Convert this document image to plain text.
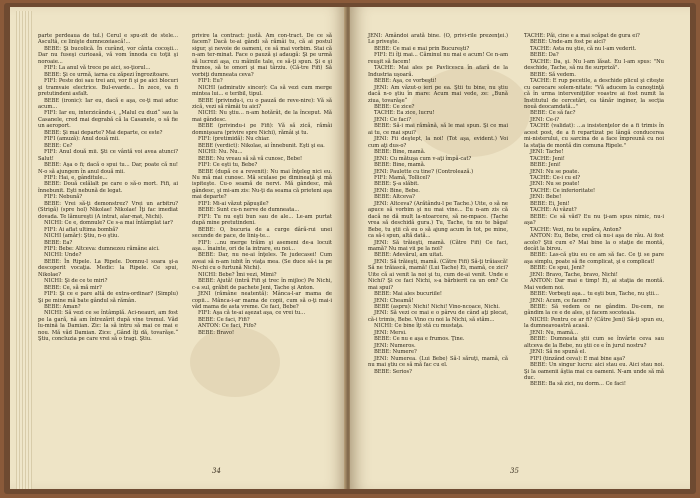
parte perdeaua de tul.) Cerul e spu-zit de stele... Ascultă, ce linişte dumnezeiască!...

BEBE: Şi bucolică. În curând, vor cânta cocoşii... Dar nu fuseşi curioasă, vă vom înnoda cu toţii şi noroaie...

FIFI: La anul vă trece pe aici, so-ţiorul...

BEBE: Şi ce urmă, iarna cu zăpezi îngrozitoare.

FIFI: Peste doi sau trei ani, vor fi şi pe aici blocuri şi tramvaie electrice. Bul-evarde... În zece, va fi pretutindeni asfalt.

BEBE (ironic): Iar eu, dacă e aşa, ce-ţi mai aduc acum...

FIFI: Iar eu, interzicându-i, „Malul cu duzi“ sau la Casanele, cred mai degrabă că la Casanele, o să fie un aeroport.

BEBE: Şi mai departe? Mai departe, ce este?

FIFI (amuză): Anul două mii.

BEBE: Ce?

FIFI: Anul două mii. Şti ce vântă voi avea atunci? Salut!

BEBE: Aşa o fi; dacă o spui tu... Dar, poate că nu! N-o să ajungem în anul două mii.

FIFI: Hai, e, gânditule...

BEBE: Două celălalt pe care o să-o mort. Fifi, ai înnebunit. Eşti nebună de legat.

FIFI: Nebună?

BEBE: Vrei să-ţi demonstrez? Vrei un arbitru? (Strigă) (spre hol) Nikolae! Nikolae! Îţi fac imediat dovada. Te lămureşti (A intrat, alar-mat, Nichi).

NICHI: Ce e, domnule? Ce s-a mai întâmplat iar?

FIFI: Ai aflat ultima bombă?

NICHI (amăr): Ştiu, n-o ştiu.

BEBE: Ea?

FIFI: Bebe: Altceva: dumnezeu rămâne aici.

NICHI: Unde?

BEBE: În Ripele. La Ripele. Domnu-l soara şi-a descoperit vocaţia. Medic: la Ripele. Ce spui, Nikolae?

NICHI: Şi de ce te miri?

BEBE: Ce, să mă mir?

FIFI: Şi ce e pare altă de extra-ordinar? (Simplu) Şi pe mine mă bate gândul să rămân.

BEBE: Aman?

NICHI: Să vezi ce se întâmplă. Aci-neauri, am fost pe la gară, nă am întrezărit după vine tremul. Văd lu-mină la Damian. Zic: la să intru să mai ce mai e nou. Mă văd Damian. Zice: „Gând îţi dă, tovarăşe.“ Ştiu, concluzia pe care vrei să o tragi. Ştiu.

privire la contract: justă. Am con-tract. De ce să facem? Dacă te-ai gândi să rămâi tu, că ai postul sigur, şi nevoie de oameni, ce să mai vorbim. Stai că n-am ter-minat. Face o pauză şi adaugă: Şi pe urmă să lucrezi aşa, cu mâinile tale, ce să-ţi spun. Şi e şi frumos, să te omori şi mai târziu. (Că-tre Fifi) Să vorbiţi dumneata ceva?

FIFI: Eu?

NICHI (admirativ sincer): Ca să vezi cum merge mintea lui... e teribil, tipul.

BEBE (privindu-i, cu o pauză de reve-nire): Vă să zică, vezi să rămâi tu aici?

NICHI: Nu ştiu... n-am hotărât, de la început. Mă mai gândesc.

BEBE (privindu-i pe Fifi): Vă să zică, rămâi domnişoara (privire spre Nichi), rămâi şi tu.

FIFI: (pretimidă): Nu chiar.

BEBE (verdict): Nikolae, ai înnebunit. Eşti şi ea.

NICHI: Nu. Nu...

BEBE: Nu vreau să să vă cunosc, Bebe!

FIFI: Ce eşti tu, Bebe?

BEBE (după ce a revenit): Nu mai înţeleg nici eu. Nu mă mai cunosc. Mă sculase pe dimineaţă şi mă ispiteşte. Cu-o seamă de nervi. Mă gândesc, mă gândesc, şi mi-am zis: Nu-ţi da seama că prieteni aşa mai departe?

FIFI: Mi-ai văzut păpuşile?

BEBE: Sunt cu-n nerve de dumneata...

FIFI: Tu nu eşti bun sau de ale... Le-am purtat după mine pretutindeni.

BEBE: O, bucuria de a curge dâră-rui unei secunde de pace, de liniş-te...

FIFI: ...nu merge trăim şi asemeni de-a locuit aşa... înainte, ori de la intrare, eu noi...

BEBE: Dar, nu ne-ai înţeles. Te judecasei! Cum aveai să n-am iubit în viaţa mea. (Se duce să-i ia pe Ni-chi cu o furtună Nichi).

NICHI: Bebe? Îmi vezi, Mimi?

BEBE: Ajută! (intră Fifi şi trec în mijloc) Pe Nichi, c-a sul, grăbit de pachete Jeni, Tache şi Anton.

JENI (rămâne neatentă): Mânca-l-ar mama de copii... Mânca-i-ar mama de copii, cum să o-ţi mai-i văd mama de asta vreme. Ce faci, Bebe?

FIFI: Aşa că te-ai aşezat aşa, ce vrei tu...

BEBE: Ce faci, Fifi?

ANTON: Ce faci, Fifo?

BEBE: Bravo!

34

JENI: Amândoi arată bine. (O, privi-rile prezenţei.) Le priveşte.

BEBE: Ce mai e mai prin Bucureşti?

FIFI: Ei îţi mai... Căminul nu mai e acum! Ce n-am reuşit să facem!

TACHE: Mai ales pe Pavlicescu în afară de la Industria uşoară.

BEBE: Aşa, ce vorbeşti!

JENI: Am văzut-o ieri pe ea. Ştii tu bine, nu ştiu dacă n-o ştiu în mare: Acum mai vede, ze: „Bună ziua, tovarăşe“

BEBE: Ce zice?

TACHE: Ea zice, lucru!

JENI: Ce faci?

BEBE: Să-i mai rămână, să le mai spun. Şi ce mai ai tu, ce mai spui?

JENI: Fii deştept, la noi! (Tot aşa, evident.) Voi cum aţi dus-o?

BEBE: Bine, mamă.

JENI: Cu mătuşa cum v-aţi împă-cat?

BEBE: Bine, mamă.

JENI: Paulette cu tine? (Controlează.)

FIFI: Mamă, Tollicel?

BEBE: Ş-a slăbit.

JENI: Bine, Bebe.

BEBE: Altceva?

JENI: Altceva? (Arătându-l pe Tache.) Uite, o să ne apuce să vorbim şi nu mai vine... Eu n-am zis că dacă ne dă mult la-ntoarcere, să ne-mpace. (Tache vrea să deschidă gura.) Tu, Tache, tu nu te băga! Bebe, tu ştii că eu o să ajung acum în tot, pe mine, ca să-i spun, altă dată...

JENI: Să trăieşti, mamă. (Către Fifi) Ce faci, mamă? Nu mai vii pe la noi?

BEBE: Adevărul, am uitat.

JENI: Să trăieşti, mamă. (Către Fifi) Să-ţi trăiască! Să ne trăiască, mamă! (Lui Tache) Ei, mamă, ce zici? Uite că ai venit la noi şi tu, cum de-ai venit. Unde e Nichi? Şi ce faci Nichi, s-a bărbierit ca un om? Ce mai spui?

BEBE: Mai ales bucuriile!

JENI: Cheamă!

BEBE (aspru): Nichi! Nichi! Vino-ncoace, Nichi.

JENI: Să vezi ce mai e o pârvu de când aţi plecat, că-i trimis, Bebe. Vino cu noi la Nichi, să stăm...

NICHI: Ce bine îţi stă cu mustaţa.

JENI: Mersi.

BEBE: Ce nu e aşa e frumos. Ţine.

JENI: Numeros.

BEBE: Numere?

JENI: Numerea. (Lui Bebe) Să-l săruţi, mamă, că nu mai ştiu ce să mă fac cu el.

BEBE: Serios?

TACHE: Păi, cine e a mai scăpat de gura ei?

BEBE: Unde-am fost pe aici?

TACHE: Asta nu ştie, că nu l-am vederit.

BEBE: Da?

TACHE: Da, şi. Nu l-am lăsat. Eu l-am spus: "Nu deschide, Tache, să nu fie surpriză".

BEBE: Să vedem.

TACHE: E rup pecetile, a deschide plicul şi citeşte cu oarecare solem-nitate: "Vă aducem la cunoştinţă că în urma interveniţiilor voastre ai fost numit la Institutul de cercetări, ca tânăr inginer, la secţia nouă deocamdată..."

BEBE: Ce să fac?

JENI: Ce-i?

TACHE (validat): ...a insistenţelor de a fi trimis în acest post, de a fi repartizat pe lângă conducerea mi-nisterului, cu sarcina de a face împreună cu noi la staţia de montă din comuna Ripele."

JENI: Tache!

TACHE: Jeni!

BEBE: Jeni!

JENI: Nu se poate.

TACHE: Ce-i cu el?

JENI: Nu se poate!

TACHE: Ce inferioritate!

JENI: Bebe!

BEBE: Ei, Jeni!

TACHE: Ai văzut?

BEBE: Ce să văd? Eu nu ţi-am spus nimic, nu-i aşa?

TACHE: Vezi, nu te supăra, Anton?

ANTON: Eu, Bebe, cred că nu-i aşa de rău. Ai fost acolo? Ştii cum e? Mai bine la o staţie de montă, decât la birou.

BEBE: Las-că ştiu eu ce am să fac. Ce ţi se pare aşa simplu, poate să fie complicat, şi e complicat!

BEBE: Ce spui, Jeni?

JENI: Bravo, Tache, bravo, Nichi!

ANTON: Dar mai e timp! Ei, ai staţia de montă. Mai vedem noi.

BEBE: Vorbeşti aşa... tu eşti bun, Tache, nu ştii...

JENI: Acum, ce facem?

BEBE: Să vedem ce ne gândim. Du-cem, ne gândim la ce e de ales, şi facem socoteala.

NICHI: Pentru ce ar fi? (Către Jeni) Să-ţi spun eu, la dumneavoastră acasă.

JENI: Nu, mamă...

BEBE: Dumneata ştii cum se învârte ceva sau altceva de la Bebe, nu ştii ce e în jurul nostru?

JENI: Să ne spună el.

FIFI (tinzând ceva): E mai bine aşa?

BEBE: Un singur lucru: aici stau eu. Aici stau noi. Şi la oamenii ăştia mai cu oameni. N-am unde să mă duc.

BEBE: Ba să zici, nu dorm... Ce faci!

35
